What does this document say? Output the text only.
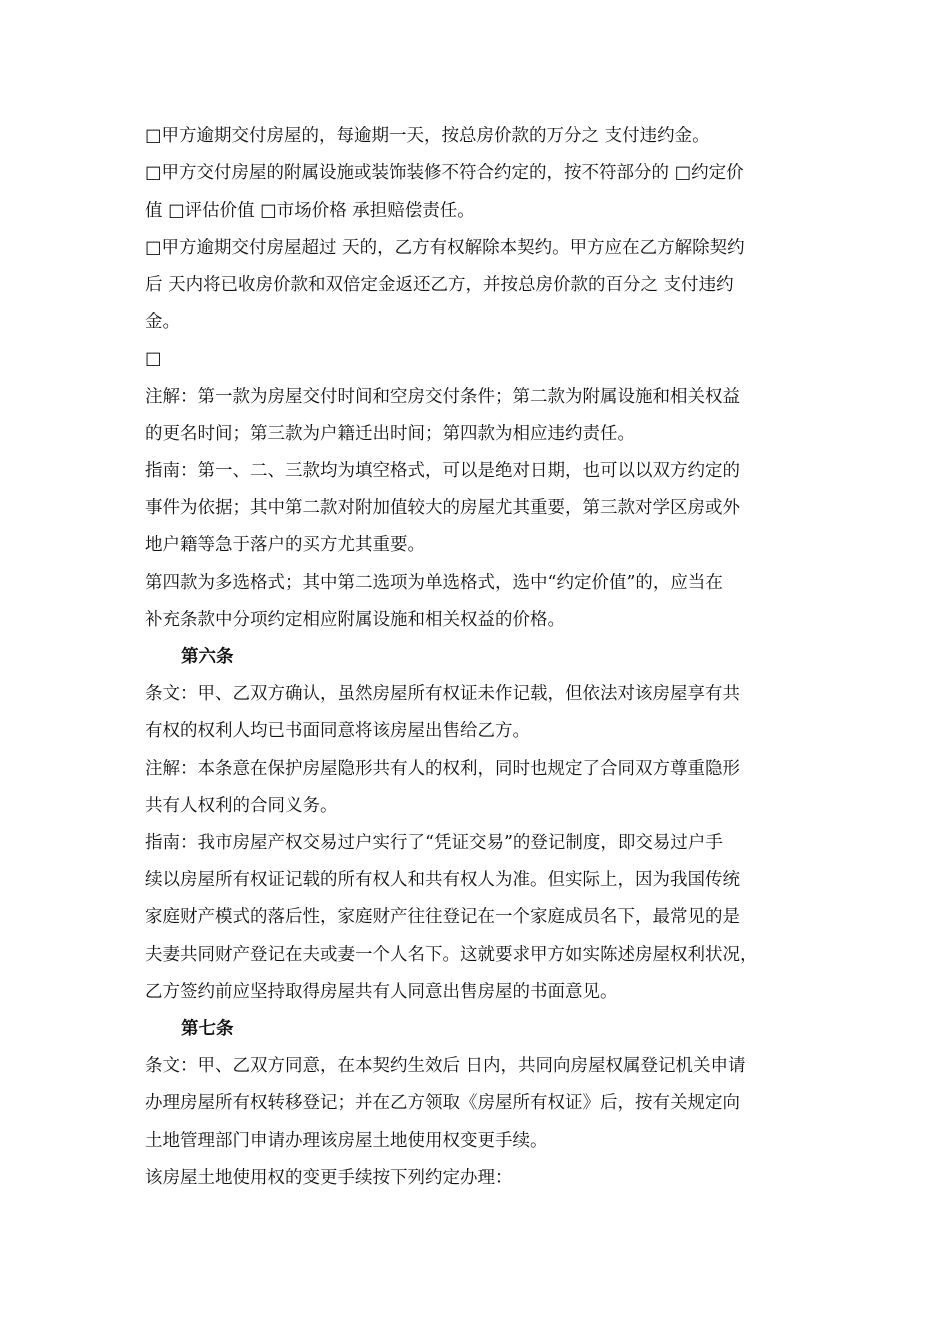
□甲方逾期交付房屋的，每逾期一天，按总房价款的万分之 支付违约金。
□甲方交付房屋的附属设施或装饰装修不符合约定的，按不符部分的 □约定价
值 □评估价值 □市场价格 承担赔偿责任。
□甲方逾期交付房屋超过 天的，乙方有权解除本契约。甲方应在乙方解除契约
后 天内将已收房价款和双倍定金返还乙方，并按总房价款的百分之 支付违约
金。
□
注解：第一款为房屋交付时间和空房交付条件；第二款为附属设施和相关权益
的更名时间；第三款为户籍迁出时间；第四款为相应违约责任。
指南：第一、二、三款均为填空格式，可以是绝对日期，也可以以双方约定的
事件为依据；其中第二款对附加值较大的房屋尤其重要，第三款对学区房或外
地户籍等急于落户的买方尤其重要。
第四款为多选格式；其中第二选项为单选格式，选中“约定价值”的，应当在
补充条款中分项约定相应附属设施和相关权益的价格。
第六条
条文：甲、乙双方确认，虽然房屋所有权证未作记载，但依法对该房屋享有共
有权的权利人均已书面同意将该房屋出售给乙方。
注解：本条意在保护房屋隐形共有人的权利，同时也规定了合同双方尊重隐形
共有人权利的合同义务。
指南：我市房屋产权交易过户实行了“凭证交易”的登记制度，即交易过户手
续以房屋所有权证记载的所有权人和共有权人为准。但实际上，因为我国传统
家庭财产模式的落后性，家庭财产往往登记在一个家庭成员名下，最常见的是
夫妻共同财产登记在夫或妻一个人名下。这就要求甲方如实陈述房屋权利状况，
乙方签约前应坚持取得房屋共有人同意出售房屋的书面意见。
第七条
条文：甲、乙双方同意，在本契约生效后 日内，共同向房屋权属登记机关申请
办理房屋所有权转移登记；并在乙方领取《房屋所有权证》后，按有关规定向
土地管理部门申请办理该房屋土地使用权变更手续。
该房屋土地使用权的变更手续按下列约定办理：
